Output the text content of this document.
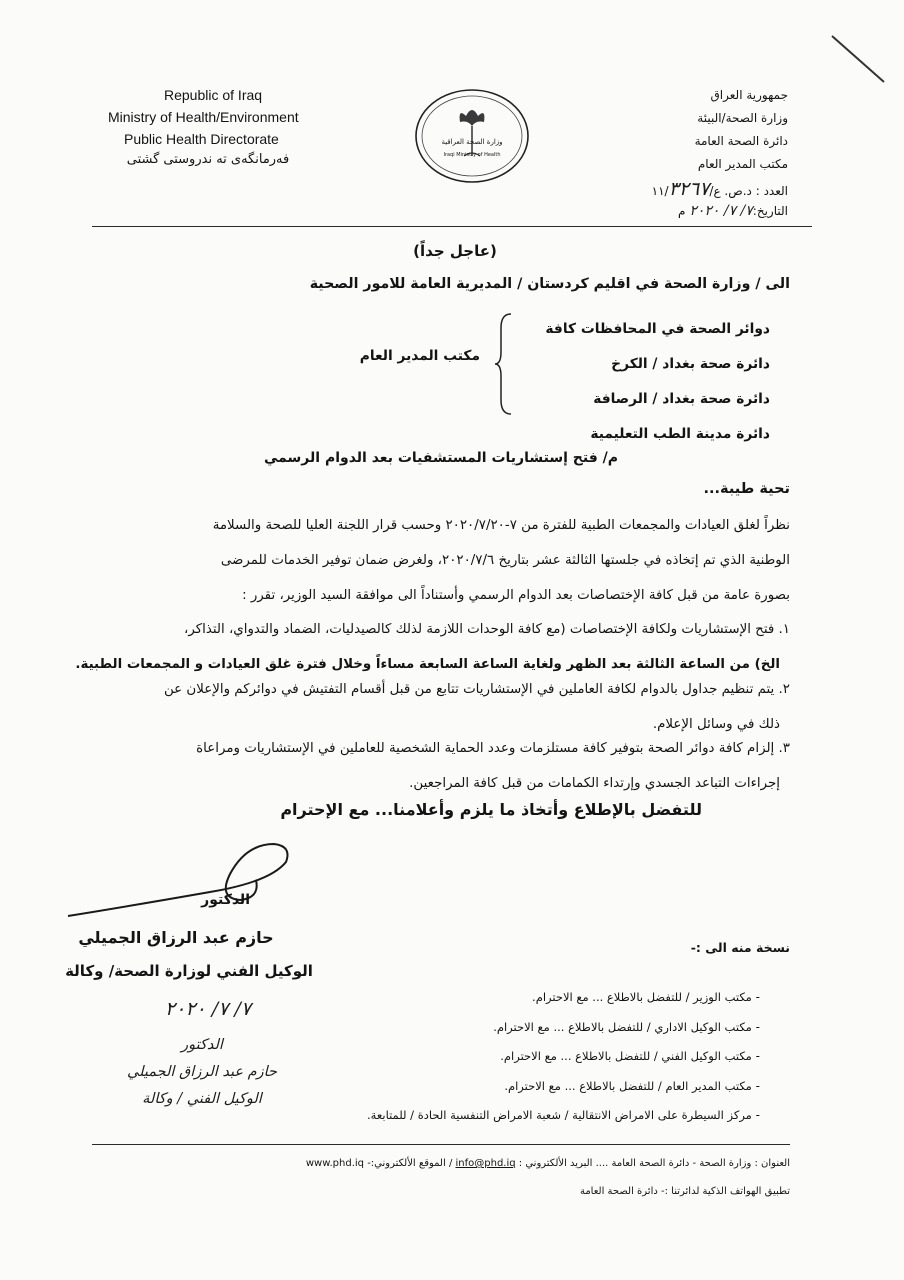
Republic of Iraq
Ministry of Health/Environment
Public Health Directorate
فەرمانگەی تە ندروستی گشتی
وزارة الصحة العراقية
Iraqi Ministry of Health
جمهورية العراق
وزارة الصحة/البيئة
دائرة الصحة العامة
مكتب المدير العام
العدد : د.ص. ع/١١/٣٢٦٧
التاريخ:٧/ ٧/ ٢٠٢٠ م
(عاجل جداً)
الى / وزارة الصحة في اقليم كردستان / المديرية العامة للامور الصحية
دوائر الصحة في المحافظات كافة
دائرة صحة بغداد / الكرخ
دائرة صحة بغداد / الرصافة
دائرة مدينة الطب التعليمية
مكتب المدير العام
م/ فتح إستشاريات المستشفيات بعد الدوام الرسمي
تحية طيبة...
نظراً لغلق العيادات والمجمعات الطبية للفترة من ٧-٢٠٢٠/٧/٢٠ وحسب قرار اللجنة العليا للصحة والسلامة
الوطنية الذي تم إتخاذه في جلستها الثالثة عشر بتاريخ ٢٠٢٠/٧/٦، ولغرض ضمان توفير الخدمات للمرضى
بصورة عامة من قبل كافة الإختصاصات بعد الدوام الرسمي وأستناداً الى موافقة السيد الوزير، تقرر :
١. فتح الإستشاريات ولكافة الإختصاصات (مع كافة الوحدات اللازمة لذلك كالصيدليات، الضماد والتدواي، التذاكر،
الخ) من الساعة الثالثة بعد الظهر ولغاية الساعة السابعة مساءاً وخلال فترة غلق العيادات و المجمعات الطبية.
٢. يتم تنظيم جداول بالدوام لكافة العاملين في الإستشاريات تتابع من قبل أقسام التفتيش في دوائركم والإعلان عن
ذلك في وسائل الإعلام.
٣. إلزام كافة دوائر الصحة بتوفير كافة مستلزمات وعدد الحماية الشخصية للعاملين في الإستشاريات ومراعاة
إجراءات التباعد الجسدي وإرتداء الكمامات من قبل كافة المراجعين.
للتفضل بالإطلاع وأتخاذ ما يلزم وأعلامنا... مع الإحترام
الدكتور
حازم عبد الرزاق الجميلي
الوكيل الفني لوزارة الصحة/ وكالة
٧/ ٧/ ٢٠٢٠
الدكتور
حازم عبد الرزاق الجميلي
الوكيل الفني / وكالة
نسخة منه الى :-
- مكتب الوزير / للتفضل بالاطلاع ... مع الاحترام.
- مكتب الوكيل الاداري / للتفضل بالاطلاع ... مع الاحترام.
- مكتب الوكيل الفني / للتفضل بالاطلاع ... مع الاحترام.
- مكتب المدير العام / للتفضل بالاطلاع ... مع الاحترام.
- مركز السيطرة على الامراض الانتقالية / شعبة الامراض التنفسية الحادة / للمتابعة.
العنوان : وزارة الصحة - دائرة الصحة العامة .... البريد الألكتروني : info@phd.iq / الموقع الألكتروني:- www.phd.iq
تطبيق الهواتف الذكية لدائرتنا :- دائرة الصحة العامة
